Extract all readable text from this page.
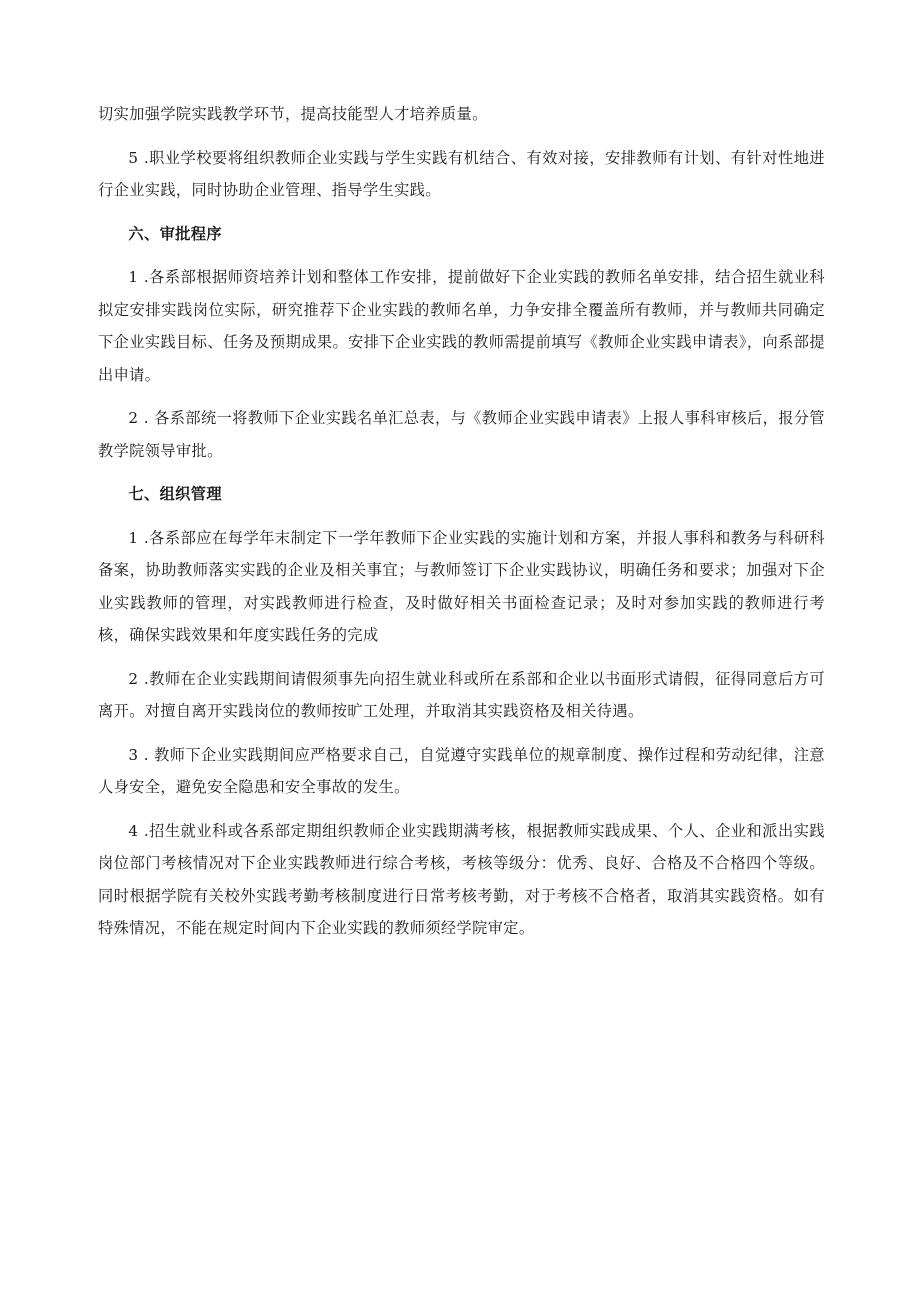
切实加强学院实践教学环节，提高技能型人才培养质量。

5 .职业学校要将组织教师企业实践与学生实践有机结合、有效对接，安排教师有计划、有针对性地进行企业实践，同时协助企业管理、指导学生实践。

六、审批程序

1 .各系部根据师资培养计划和整体工作安排，提前做好下企业实践的教师名单安排，结合招生就业科拟定安排实践岗位实际，研究推荐下企业实践的教师名单，力争安排全覆盖所有教师，并与教师共同确定下企业实践目标、任务及预期成果。安排下企业实践的教师需提前填写《教师企业实践申请表》，向系部提出申请。

2 . 各系部统一将教师下企业实践名单汇总表，与《教师企业实践申请表》上报人事科审核后，报分管教学院领导审批。

七、组织管理

1 .各系部应在每学年末制定下一学年教师下企业实践的实施计划和方案，并报人事科和教务与科研科备案，协助教师落实实践的企业及相关事宜；与教师签订下企业实践协议，明确任务和要求；加强对下企业实践教师的管理，对实践教师进行检查，及时做好相关书面检查记录；及时对参加实践的教师进行考核，确保实践效果和年度实践任务的完成

2 .教师在企业实践期间请假须事先向招生就业科或所在系部和企业以书面形式请假，征得同意后方可离开。对擅自离开实践岗位的教师按旷工处理，并取消其实践资格及相关待遇。

3 . 教师下企业实践期间应严格要求自己，自觉遵守实践单位的规章制度、操作过程和劳动纪律，注意人身安全，避免安全隐患和安全事故的发生。

4 .招生就业科或各系部定期组织教师企业实践期满考核，根据教师实践成果、个人、企业和派出实践岗位部门考核情况对下企业实践教师进行综合考核，考核等级分：优秀、良好、合格及不合格四个等级。同时根据学院有关校外实践考勤考核制度进行日常考核考勤，对于考核不合格者，取消其实践资格。如有特殊情况，不能在规定时间内下企业实践的教师须经学院审定。
